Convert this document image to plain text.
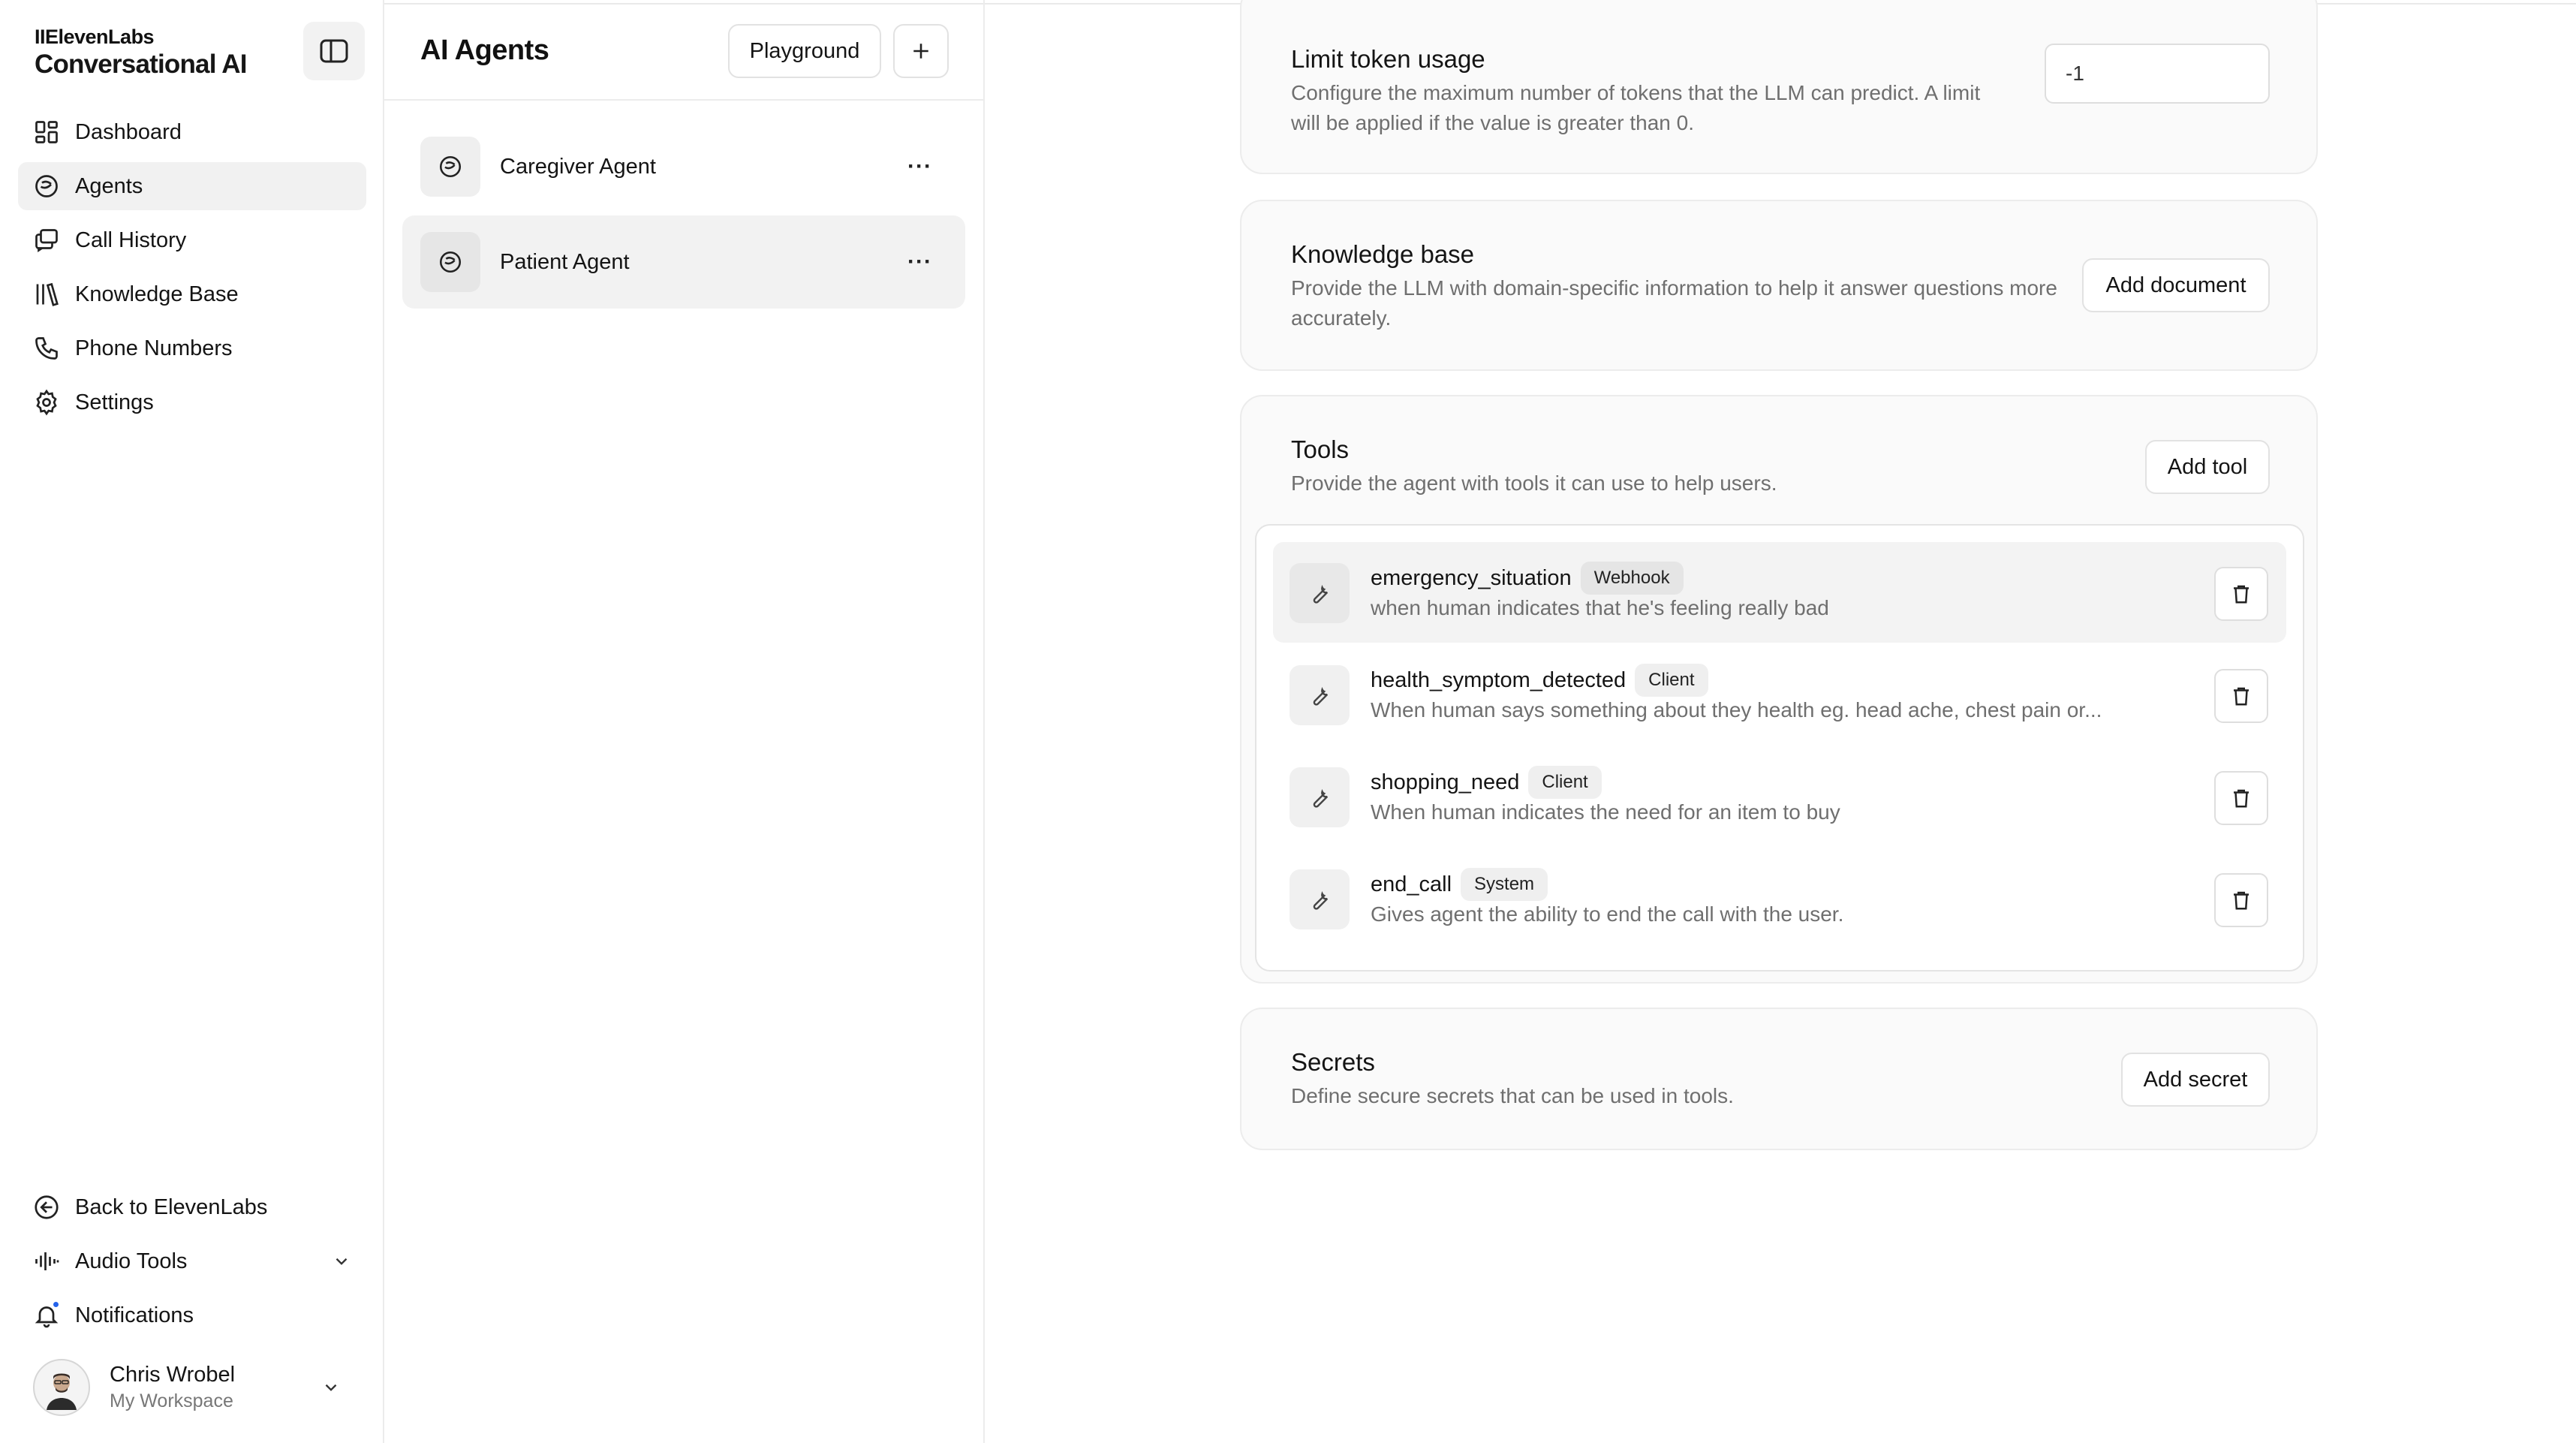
IIElevenLabs
Conversational AI
Dashboard
Agents
Call History
Knowledge Base
Phone Numbers
Settings
Back to ElevenLabs
Audio Tools
Notifications
Chris Wrobel
My Workspace
AI Agents	Playground
Caregiver Agent	···
Patient Agent	···
Limit token usage
Configure the maximum number of tokens that the LLM can predict. A limit will be applied if the value is greater than 0.
-1
Knowledge base
Provide the LLM with domain-specific information to help it answer questions more accurately.
Add document
Tools
Provide the agent with tools it can use to help users.
Add tool
emergency_situation	Webhook
when human indicates that he's feeling really bad
health_symptom_detected	Client
When human says something about they health eg. head ache, chest pain or...
shopping_need	Client
When human indicates the need for an item to buy
end_call	System
Gives agent the ability to end the call with the user.
Secrets
Define secure secrets that can be used in tools.
Add secret
